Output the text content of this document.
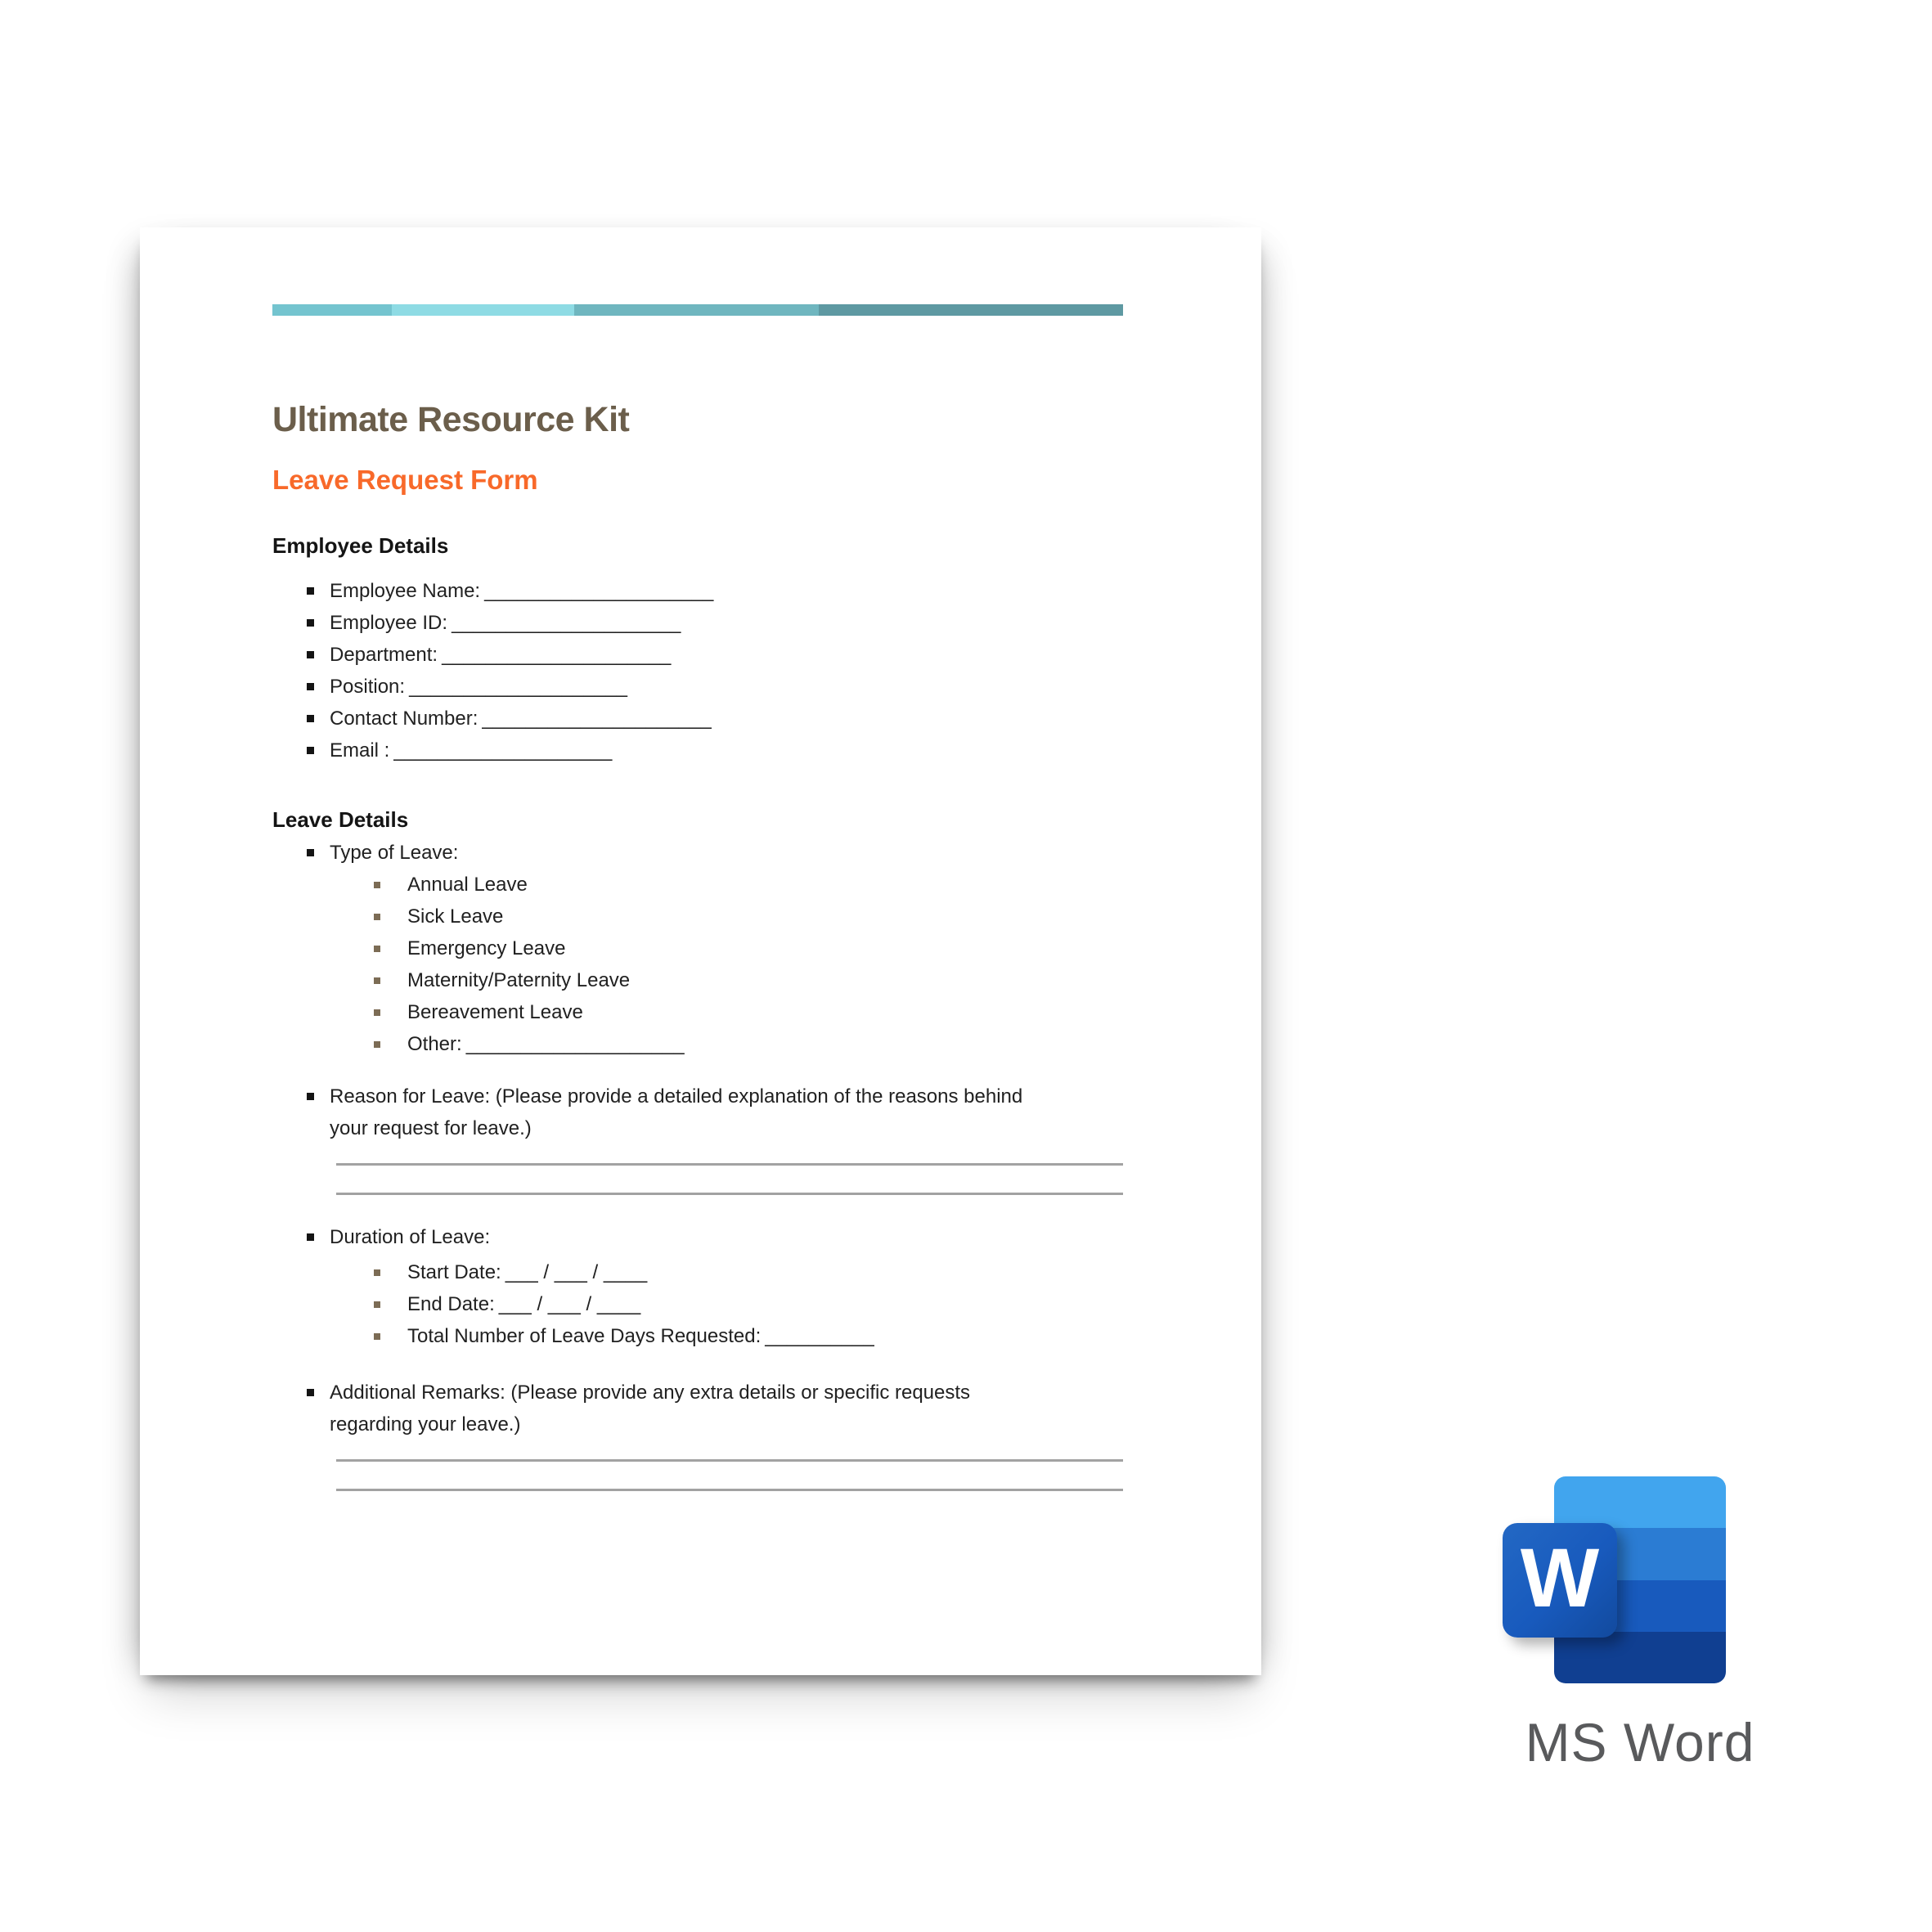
Ultimate Resource Kit
Leave Request Form
Employee Details
Employee Name: _____________________
Employee ID: _____________________
Department: _____________________
Position: ____________________
Contact Number: _____________________
Email : ____________________
Leave Details
Type of Leave:
Annual Leave
Sick Leave
Emergency Leave
Maternity/Paternity Leave
Bereavement Leave
Other: ____________________
Reason for Leave: (Please provide a detailed explanation of the reasons behind your request for leave.)
Duration of Leave:
Start Date: ___ / ___ / ____
End Date: ___ / ___ / ____
Total Number of Leave Days Requested: __________
Additional Remarks: (Please provide any extra details or specific requests regarding your leave.)
W
MS Word
